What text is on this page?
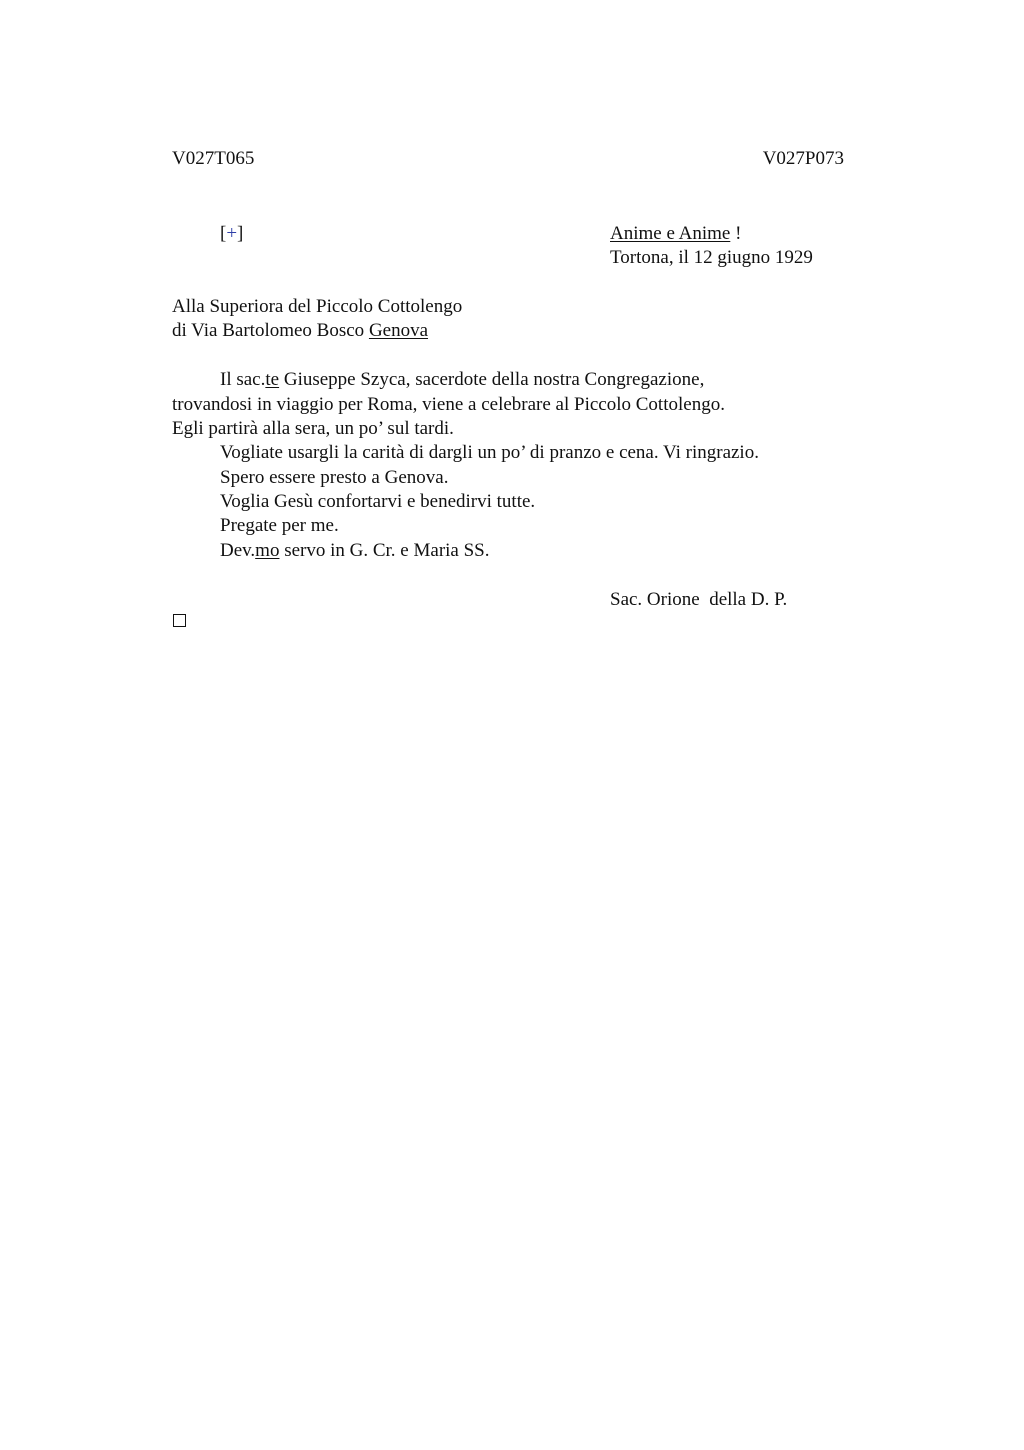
V027T065	V027P073
[+]	Anime e Anime !
Tortona, il 12 giugno 1929
Alla Superiora del Piccolo Cottolengo
di Via Bartolomeo Bosco Genova
Il sac.te Giuseppe Szyca, sacerdote della nostra Congregazione,
trovandosi in viaggio per Roma, viene a celebrare al Piccolo Cottolengo.
Egli partirà alla sera, un po’ sul tardi.
Vogliate usargli la carità di dargli un po’ di pranzo e cena. Vi ringrazio.
Spero essere presto a Genova.
Voglia Gesù confortarvi e benedirvi tutte.
Pregate per me.
Dev.mo servo in G. Cr. e Maria SS.
Sac. Orione  della D. P.
